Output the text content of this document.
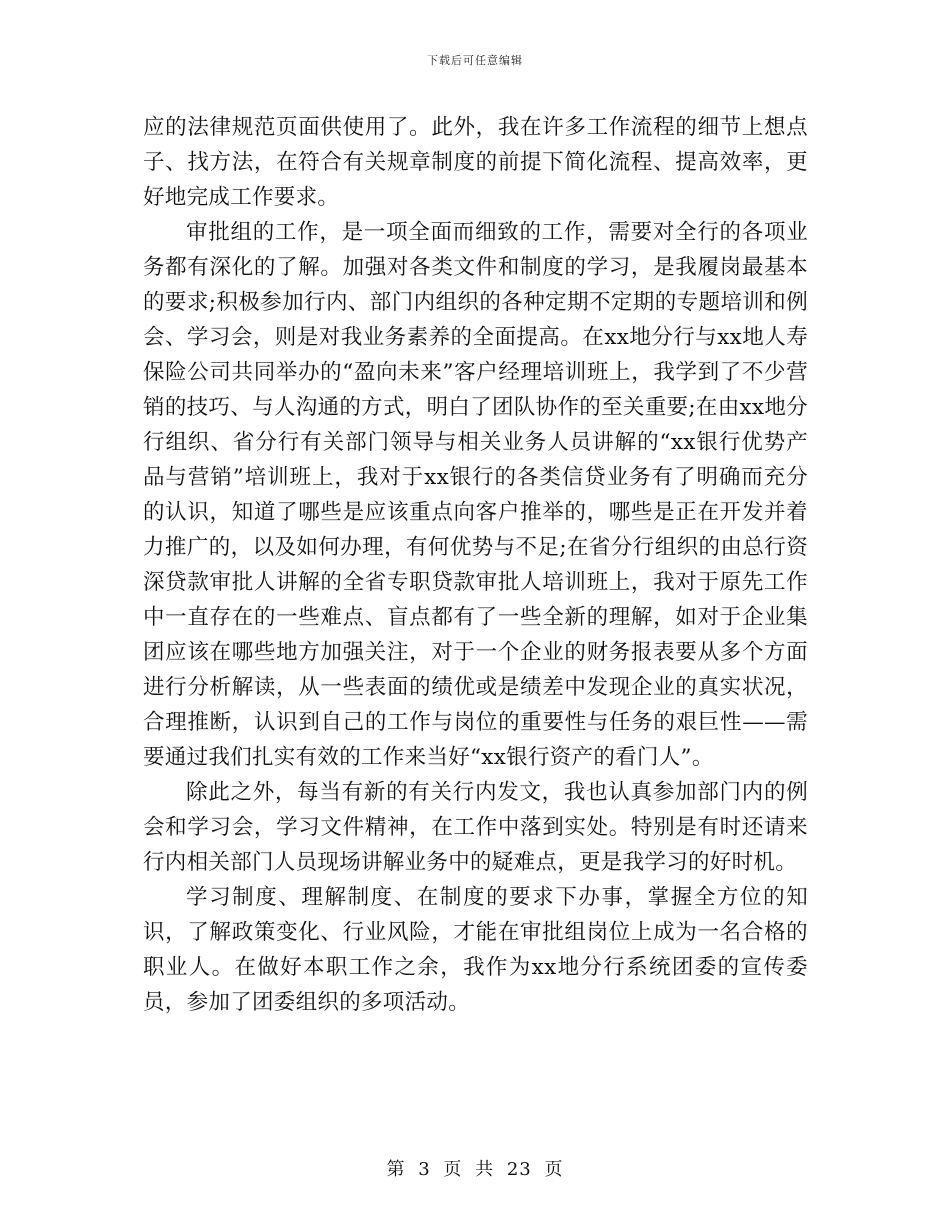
下载后可任意编辑

应的法律规范页面供使用了。此外，我在许多工作流程的细节上想点子、找方法，在符合有关规章制度的前提下简化流程、提高效率，更好地完成工作要求。

审批组的工作，是一项全面而细致的工作，需要对全行的各项业务都有深化的了解。加强对各类文件和制度的学习，是我履岗最基本的要求;积极参加行内、部门内组织的各种定期不定期的专题培训和例会、学习会，则是对我业务素养的全面提高。在xx地分行与xx地人寿保险公司共同举办的“盈向未来”客户经理培训班上，我学到了不少营销的技巧、与人沟通的方式，明白了团队协作的至关重要;在由xx地分行组织、省分行有关部门领导与相关业务人员讲解的“xx银行优势产品与营销”培训班上，我对于xx银行的各类信贷业务有了明确而充分的认识，知道了哪些是应该重点向客户推举的，哪些是正在开发并着力推广的，以及如何办理，有何优势与不足;在省分行组织的由总行资深贷款审批人讲解的全省专职贷款审批人培训班上，我对于原先工作中一直存在的一些难点、盲点都有了一些全新的理解，如对于企业集团应该在哪些地方加强关注，对于一个企业的财务报表要从多个方面进行分析解读，从一些表面的绩优或是绩差中发现企业的真实状况，合理推断，认识到自己的工作与岗位的重要性与任务的艰巨性——需要通过我们扎实有效的工作来当好“xx银行资产的看门人”。

除此之外，每当有新的有关行内发文，我也认真参加部门内的例会和学习会，学习文件精神，在工作中落到实处。特别是有时还请来行内相关部门人员现场讲解业务中的疑难点，更是我学习的好时机。

学习制度、理解制度、在制度的要求下办事，掌握全方位的知识，了解政策变化、行业风险，才能在审批组岗位上成为一名合格的职业人。在做好本职工作之余，我作为xx地分行系统团委的宣传委员，参加了团委组织的多项活动。

第 3 页 共 23 页
